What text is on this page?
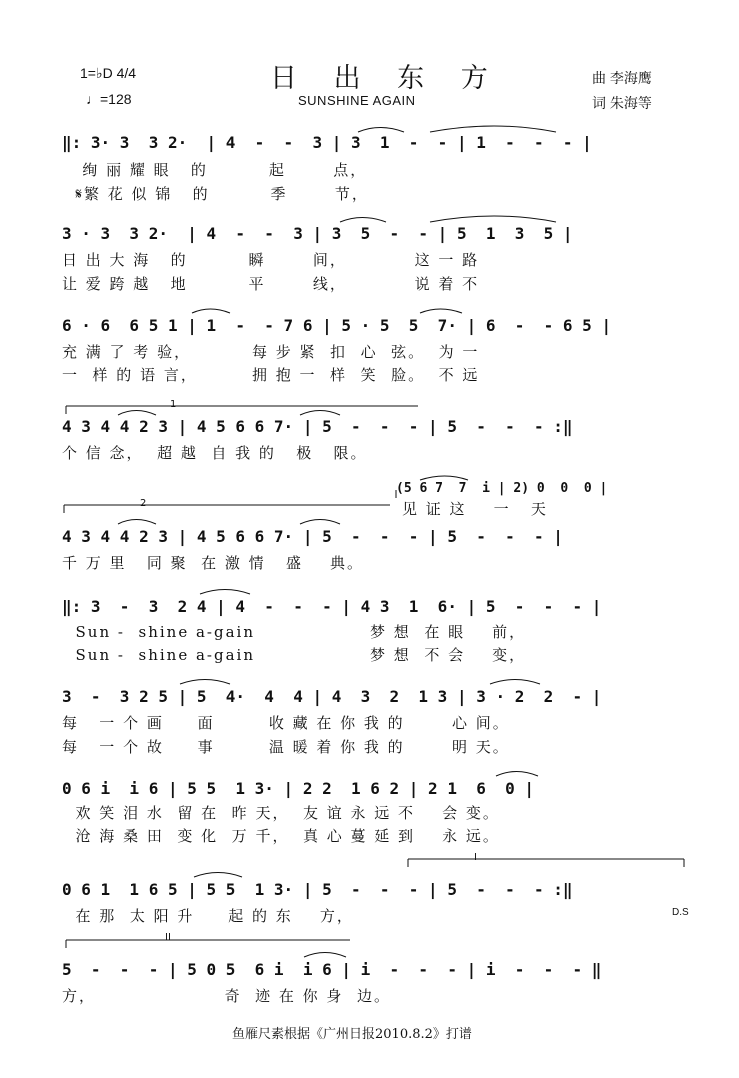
1=♭D 4/4
♩=128
日 出 东 方
SUNSHINE AGAIN
曲 李海鹰
词 朱海等
‖: 3· 3  3 2·  | 4  -  -  3 | 3  1  -  - | 1  -  -  - |
绚 丽 耀 眼   的         起       点，
𝄋繁 花 似 锦   的         季       节，
3 · 3  3 2·  | 4  -  -  3 | 3  5  -  - | 5  1  3  5 |
日 出 大 海   的         瞬       间，          这 一 路
让 爱 跨 越   地         平       线，          说 着 不
6 · 6  6 5 1 | 1  -  - 7 6 | 5 · 5  5  7· | 6  -  - 6 5 |
充 满 了 考 验，         每 步 紧  扣  心  弦。  为 一
一  样 的 语 言，        拥 抱 一  样  笑  脸。  不 远
1
4 3 4 4 2 3 | 4 5 6 6 7· | 5  -  -  - | 5  -  -  - :‖
个 信 念，  超 越  自 我 的   极   限。
(5 6 7  7  i | 2) 0  0  0 |
见 证 这    一   天
2
4 3 4 4 2 3 | 4 5 6 6 7· | 5  -  -  - | 5  -  -  - |
千 万 里   同 聚  在 激 情   盛    典。
‖: 3  -  3  2 4 | 4  -  -  - | 4 3  1  6· | 5  -  -  - |
Sun -  shine a-gain                 梦 想  在 眼    前，
Sun -  shine a-gain                 梦 想  不 会    变，
3  -  3 2 5 | 5  4·  4  4 | 4  3  2  1 3 | 3 · 2  2  - |
每   一 个 画     面        收 藏 在 你 我 的       心 间。
每   一 个 故     事        温 暖 着 你 我 的       明 天。
0 6 i  i 6 | 5 5  1 3· | 2 2  1 6 2 | 2 1  6  0 |
欢 笑 泪 水  留 在  昨 天，  友 谊 永 远 不    会 变。
沧 海 桑 田  变 化  万 千，  真 心 蔓 延 到    永 远。
I
0 6 1  1 6 5 | 5 5  1 3· | 5  -  -  - | 5  -  -  - :‖
在 那  太 阳 升     起 的 东    方，	D.S
II
5  -  -  - | 5 0 5  6 i  i 6 | i  -  -  - | i  -  -  - ‖
方，                   奇  迹 在 你 身  边。
鱼雁尺素根据《广州日报2010.8.2》打谱
